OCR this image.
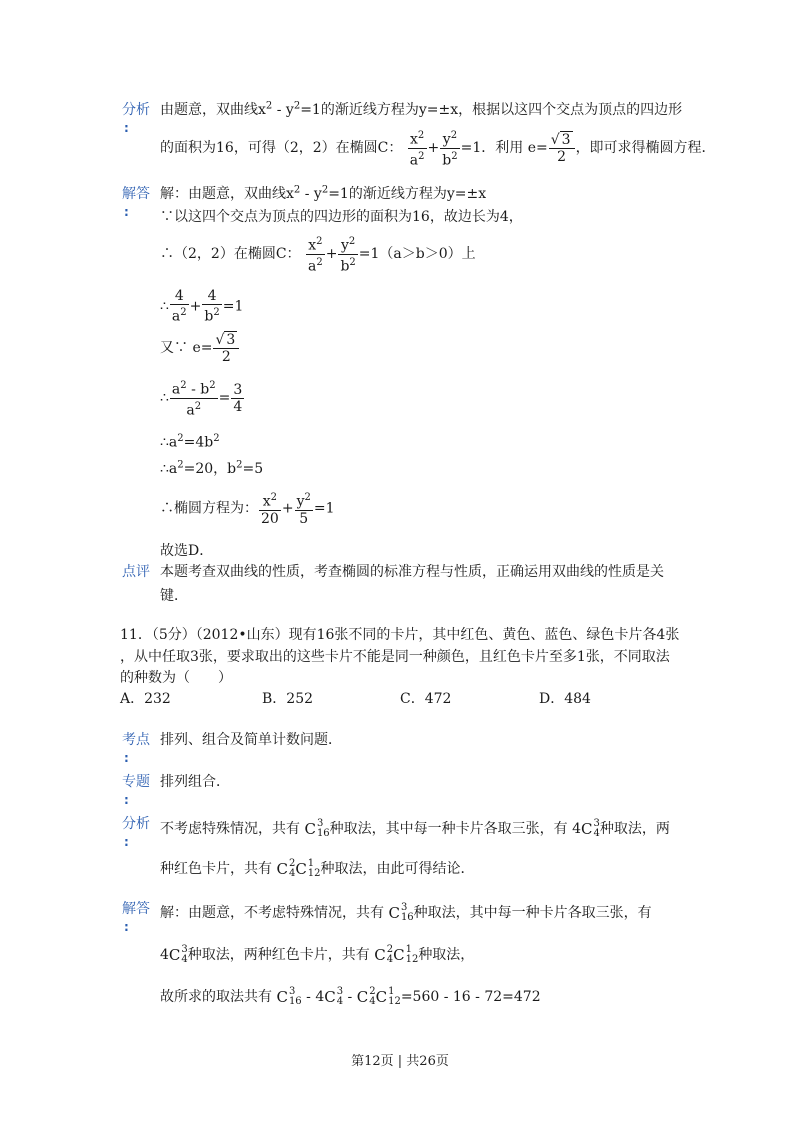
分析
:
由题意，双曲线$x^2 - y^2=1$的渐近线方程为y=±x，根据以这四个交点为顶点的四边形
的面积为16，可得（2，2）在椭圆C： $\frac{x^2}{a^2} + \frac{y^2}{b^2} =1$．利用 $e= \frac{√ 3}{2}$ ，即可求得椭圆方程．
解答
:
解：由题意，双曲线$x^2 - y^2=1$的渐近线方程为y=±x
∵以这四个交点为顶点的四边形的面积为16，故边长为4，
∴（2，2）在椭圆C： $\frac{x^2}{a^2} + \frac{y^2}{b^2} =1(a>b>0)$上
∴ $\frac{4}{a^2} + \frac{4}{b^2} =1$
又∵ $e= \frac{√ 3}{2}$
∴ $\frac{a^2 - b^2}{a^2} = \frac{3}{4}$
$\therefore a^2=4b^2$
$\therefore a^2=20$，$b^2=5$
∴椭圆方程为： $\frac{x^2}{20} + \frac{y^2}{5} =1$
故选D．
点评 本题考查双曲线的性质，考查椭圆的标准方程与性质，正确运用双曲线的性质是关
键．
11．（5分）（2012•山东）现有16张不同的卡片，其中红色、黄色、蓝色、绿色卡片各4张
，从中任取3张，要求取出的这些卡片不能是同一种颜色，且红色卡片至多1张，不同取法
的种数为（　　）
A．232	B．252	C．472	D．484
考点
:
排列、组合及简单计数问题．
专题
:
排列组合．
分析
:
不考虑特殊情况，共有 C 3
16 种取法，其中每一种卡片各取三张，有 4 C 3
4 种取法，两
种红色卡片，共有 C 2
4 C 1
12 种取法，由此可得结论．
解答
:
解：由题意，不考虑特殊情况，共有 C 3
16 种取法，其中每一种卡片各取三张，有
4 C 3
4 种取法，两种红色卡片，共有 C 2
4 C 1
12 种取法，
故所求的取法共有 C 3
16 - 4 C 3
4 - C 2
4 C 1
12 =560 - 16 - 72=472
第12页 | 共26页
